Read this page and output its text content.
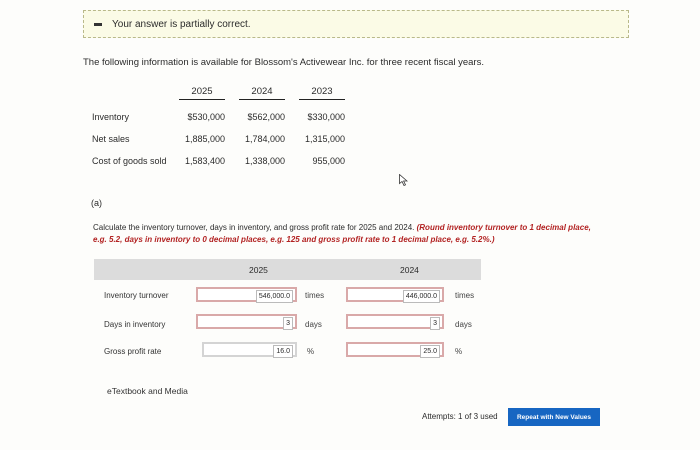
Your answer is partially correct.
The following information is available for Blossom's Activewear Inc. for three recent fiscal years.
2025	2024	2023
Inventory	$530,000	$562,000	$330,000
Net sales	1,885,000	1,784,000	1,315,000
Cost of goods sold	1,583,400	1,338,000	955,000
(a)
Calculate the inventory turnover, days in inventory, and gross profit rate for 2025 and 2024. (Round inventory turnover to 1 decimal place, e.g. 5.2, days in inventory to 0 decimal places, e.g. 125 and gross profit rate to 1 decimal place, e.g. 5.2%.)
2025	2024
Inventory turnover	546,000.0	times	446,000.0	times
Days in inventory	3	days	3	days
Gross profit rate	16.0	%	25.0	%
eTextbook and Media
Attempts: 1 of 3 used	Repeat with New Values
